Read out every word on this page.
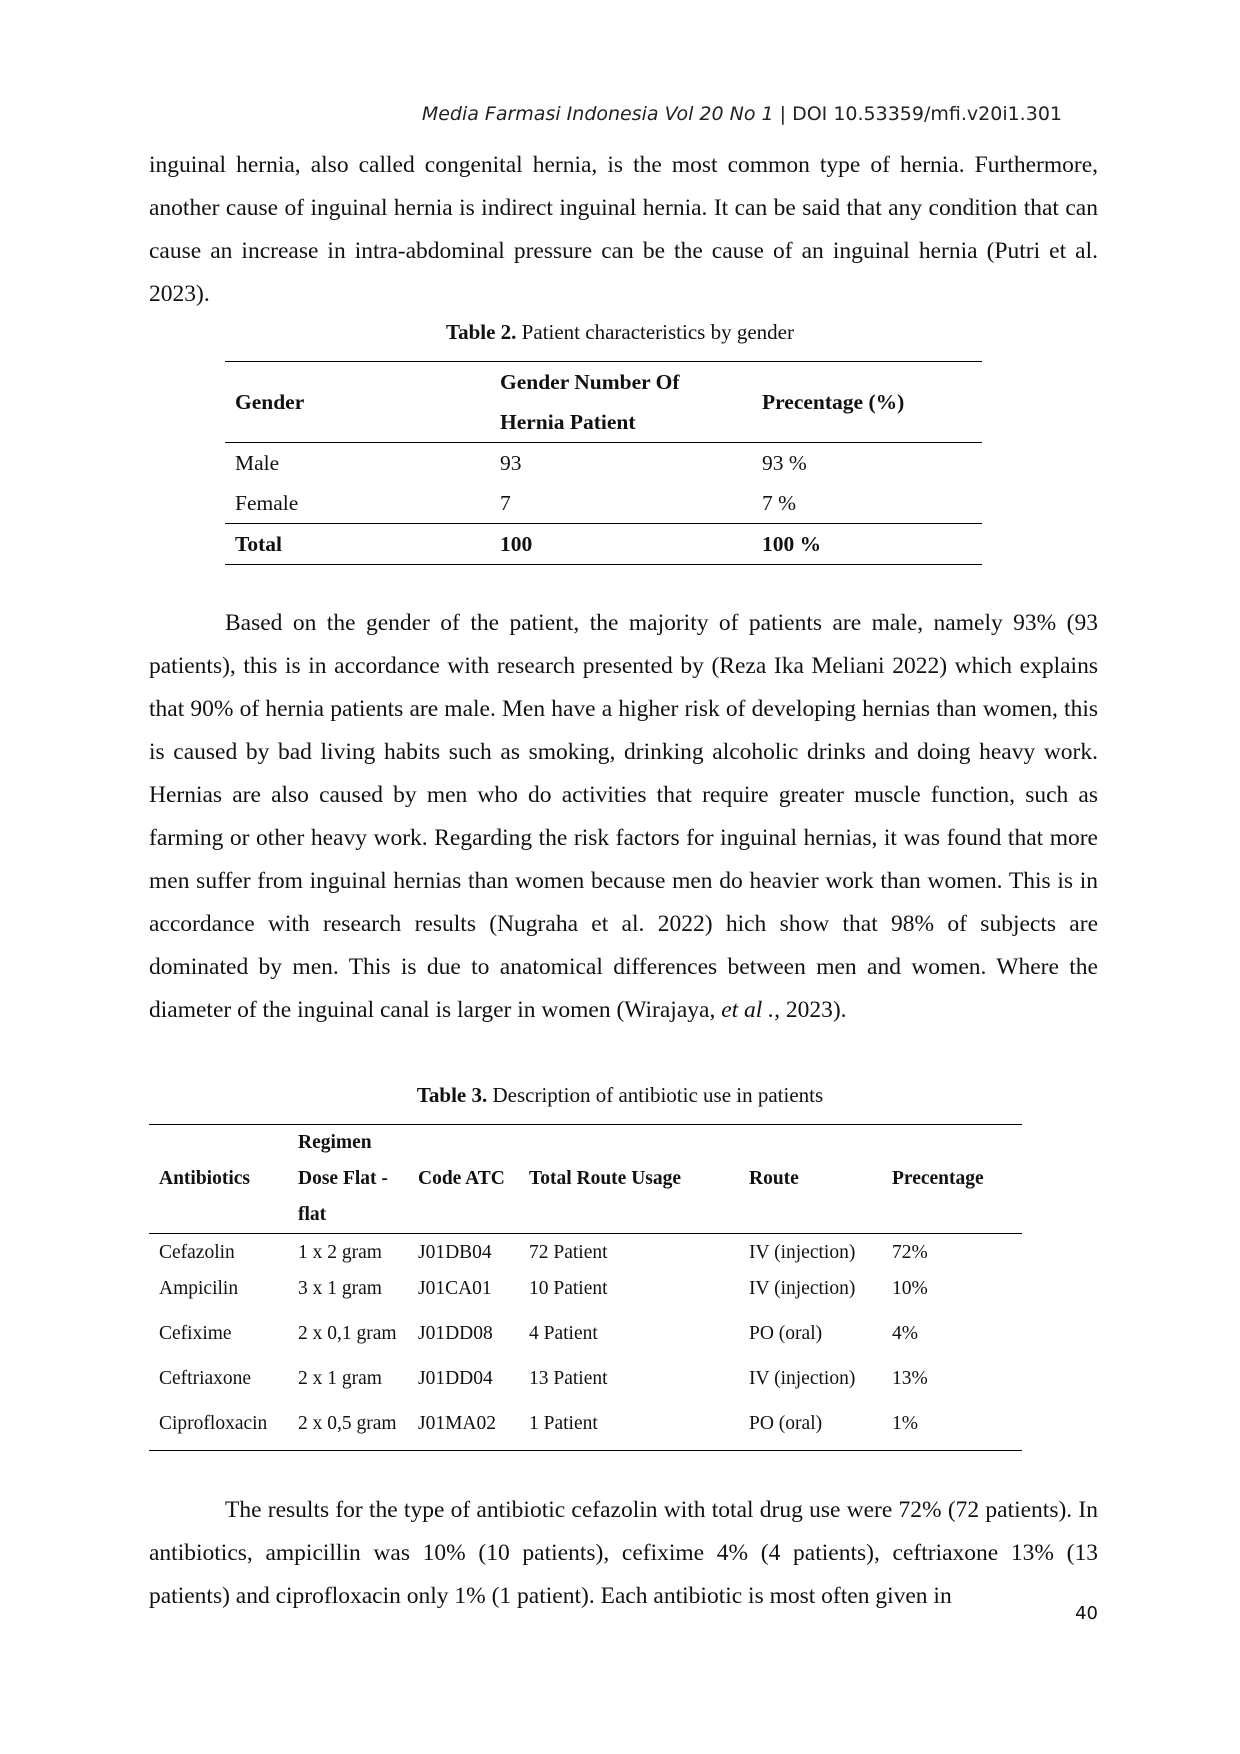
Media Farmasi Indonesia Vol 20 No 1 | DOI 10.53359/mfi.v20i1.301

inguinal hernia, also called congenital hernia, is the most common type of hernia. Furthermore, another cause of inguinal hernia is indirect inguinal hernia. It can be said that any condition that can cause an increase in intra-abdominal pressure can be the cause of an inguinal hernia (Putri et al. 2023).

Table 2. Patient characteristics by gender

Gender	Gender Number Of Hernia Patient	Precentage (%)
Male	93	93 %
Female	7	7 %
Total	100	100 %

Based on the gender of the patient, the majority of patients are male, namely 93% (93 patients), this is in accordance with research presented by (Reza Ika Meliani 2022) which explains that 90% of hernia patients are male. Men have a higher risk of developing hernias than women, this is caused by bad living habits such as smoking, drinking alcoholic drinks and doing heavy work. Hernias are also caused by men who do activities that require greater muscle function, such as farming or other heavy work. Regarding the risk factors for inguinal hernias, it was found that more men suffer from inguinal hernias than women because men do heavier work than women. This is in accordance with research results (Nugraha et al. 2022) hich show that 98% of subjects are dominated by men. This is due to anatomical differences between men and women. Where the diameter of the inguinal canal is larger in women (Wirajaya, et al ., 2023).

Table 3. Description of antibiotic use in patients

Antibiotics	Regimen Dose Flat - flat	Code ATC	Total Route Usage	Route	Precentage
Cefazolin	1 x 2 gram	J01DB04	72 Patient	IV (injection)	72%
Ampicilin	3 x 1 gram	J01CA01	10 Patient	IV (injection)	10%
Cefixime	2 x 0,1 gram	J01DD08	4 Patient	PO (oral)	4%
Ceftriaxone	2 x 1 gram	J01DD04	13 Patient	IV (injection)	13%
Ciprofloxacin	2 x 0,5 gram	J01MA02	1 Patient	PO (oral)	1%

The results for the type of antibiotic cefazolin with total drug use were 72% (72 patients). In antibiotics, ampicillin was 10% (10 patients), cefixime 4% (4 patients), ceftriaxone 13% (13 patients) and ciprofloxacin only 1% (1 patient). Each antibiotic is most often given in

40
